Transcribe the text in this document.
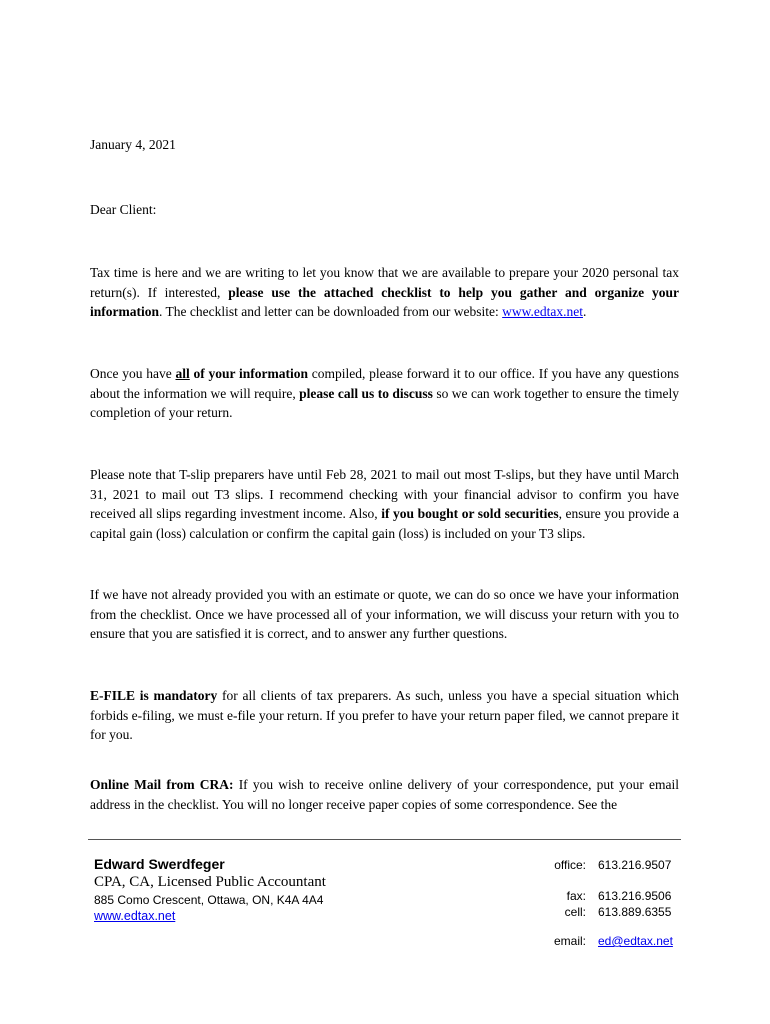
January 4, 2021
Dear Client:

Tax time is here and we are writing to let you know that we are available to prepare your 2020 personal tax return(s). If interested, please use the attached checklist to help you gather and organize your information. The checklist and letter can be downloaded from our website: www.edtax.net.

Once you have all of your information compiled, please forward it to our office. If you have any questions about the information we will require, please call us to discuss so we can work together to ensure the timely completion of your return.

Please note that T-slip preparers have until Feb 28, 2021 to mail out most T-slips, but they have until March 31, 2021 to mail out T3 slips. I recommend checking with your financial advisor to confirm you have received all slips regarding investment income. Also, if you bought or sold securities, ensure you provide a capital gain (loss) calculation or confirm the capital gain (loss) is included on your T3 slips.

If we have not already provided you with an estimate or quote, we can do so once we have your information from the checklist. Once we have processed all of your information, we will discuss your return with you to ensure that you are satisfied it is correct, and to answer any further questions.

E-FILE is mandatory for all clients of tax preparers. As such, unless you have a special situation which forbids e-filing, we must e-file your return. If you prefer to have your return paper filed, we cannot prepare it for you.

Online Mail from CRA: If you wish to receive online delivery of your correspondence, put your email address in the checklist. You will no longer receive paper copies of some correspondence. See the

Edward Swerdfeger
CPA, CA, Licensed Public Accountant
885 Como Crescent, Ottawa, ON, K4A 4A4
www.edtax.net
office: 613.216.9507
fax: 613.216.9506
cell: 613.889.6355
email: ed@edtax.net
